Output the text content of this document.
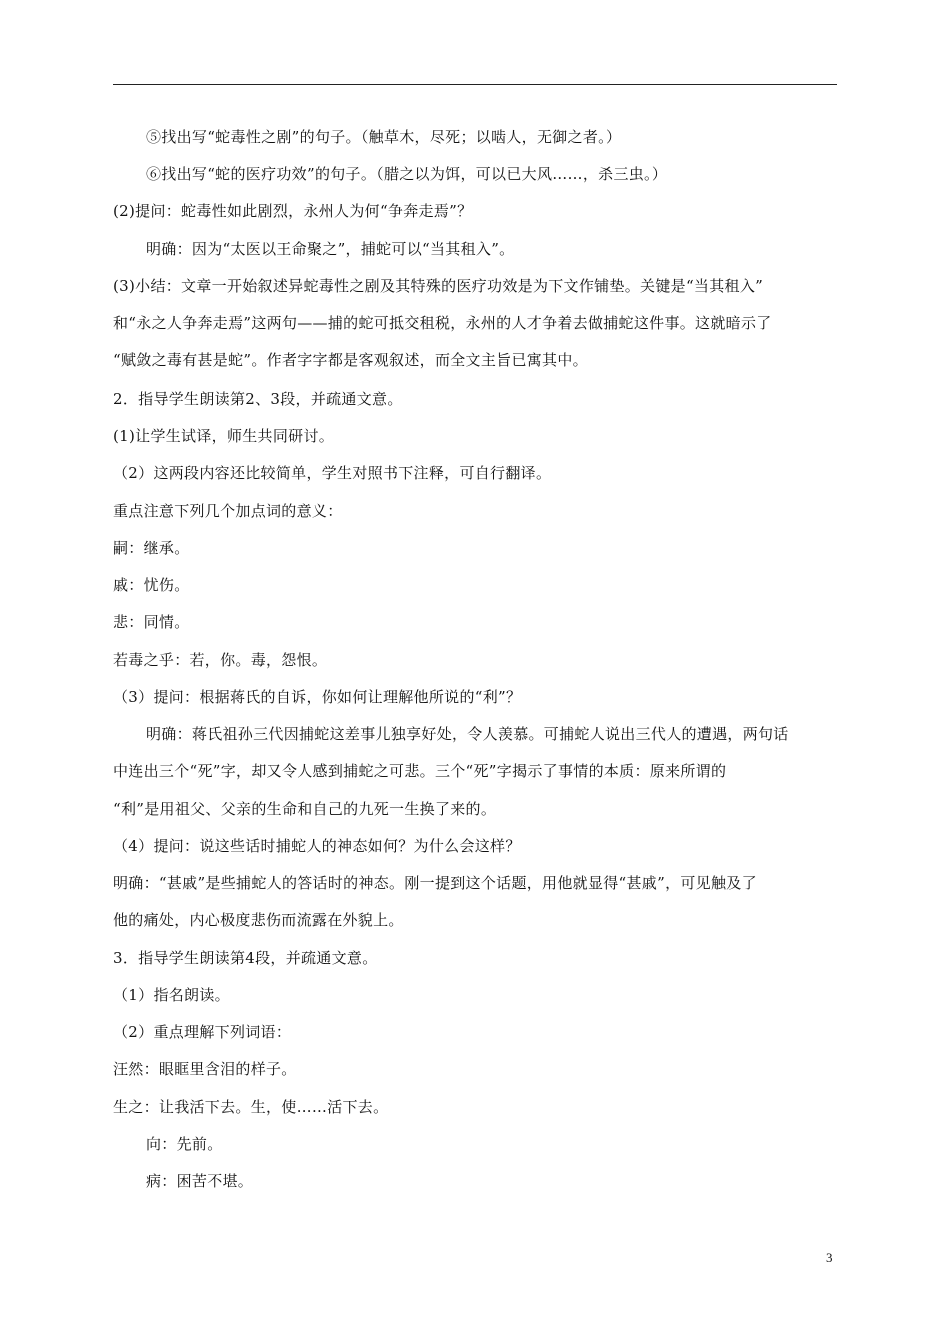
⑤找出写“蛇毒性之剧”的句子。（触草木，尽死；以啮人，无御之者。）
⑥找出写“蛇的医疗功效”的句子。（腊之以为饵，可以已大风……，杀三虫。）
(2)提问：蛇毒性如此剧烈，永州人为何“争奔走焉”？
明确：因为“太医以王命聚之”，捕蛇可以“当其租入”。
(3)小结：文章一开始叙述异蛇毒性之剧及其特殊的医疗功效是为下文作铺垫。关键是“当其租入”
和“永之人争奔走焉”这两句——捕的蛇可抵交租税，永州的人才争着去做捕蛇这件事。这就暗示了
“赋敛之毒有甚是蛇”。作者字字都是客观叙述，而全文主旨已寓其中。
2．指导学生朗读第2、3段，并疏通文意。
(1)让学生试译，师生共同研讨。
（2）这两段内容还比较简单，学生对照书下注释，可自行翻译。
重点注意下列几个加点词的意义：
嗣：继承。
戚：忧伤。
悲：同情。
若毒之乎：若，你。毒，怨恨。
（3）提问：根据蒋氏的自诉，你如何让理解他所说的“利”？
明确：蒋氏祖孙三代因捕蛇这差事儿独享好处，令人羡慕。可捕蛇人说出三代人的遭遇，两句话
中连出三个“死”字，却又令人感到捕蛇之可悲。三个“死”字揭示了事情的本质：原来所谓的
“利”是用祖父、父亲的生命和自己的九死一生换了来的。
（4）提问：说这些话时捕蛇人的神态如何？为什么会这样？
明确：“甚戚”是些捕蛇人的答话时的神态。刚一提到这个话题，用他就显得“甚戚”，可见触及了
他的痛处，内心极度悲伤而流露在外貌上。
3．指导学生朗读第4段，并疏通文意。
（1）指名朗读。
（2）重点理解下列词语：
汪然：眼眶里含泪的样子。
生之：让我活下去。生，使……活下去。
向：先前。
病：困苦不堪。
3
